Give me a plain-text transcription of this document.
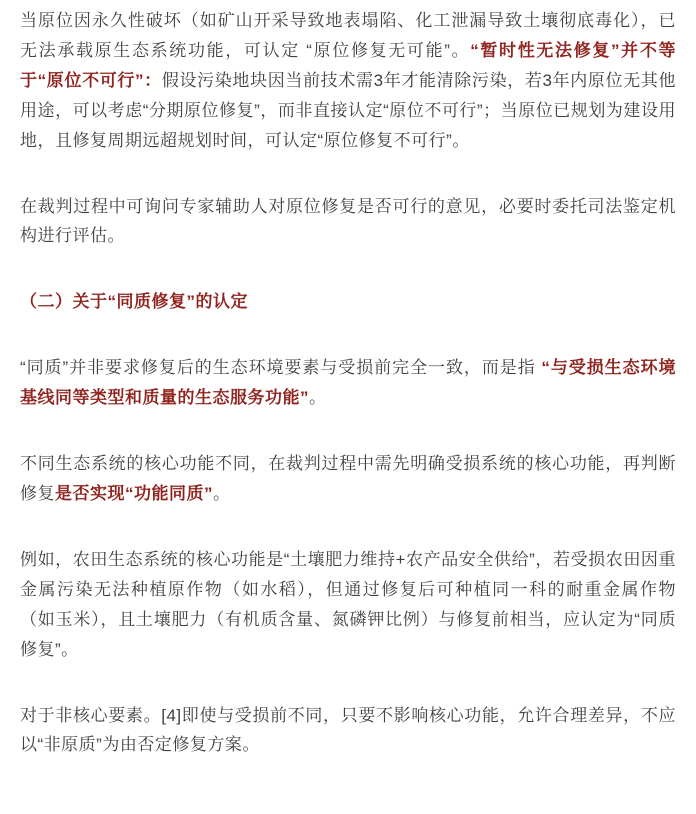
当原位因永久性破坏（如矿山开采导致地表塌陷、化工泄漏导致土壤彻底毒化），已无法承载原生态系统功能，可认定 “原位修复无可能”。“暂时性无法修复”并不等于“原位不可行”：假设污染地块因当前技术需3年才能清除污染，若3年内原位无其他用途，可以考虑“分期原位修复”，而非直接认定“原位不可行”；当原位已规划为建设用地，且修复周期远超规划时间，可认定“原位修复不可行”。

在裁判过程中可询问专家辅助人对原位修复是否可行的意见，必要时委托司法鉴定机构进行评估。

（二）关于“同质修复”的认定

“同质”并非要求修复后的生态环境要素与受损前完全一致，而是指 “与受损生态环境基线同等类型和质量的生态服务功能”。

不同生态系统的核心功能不同，在裁判过程中需先明确受损系统的核心功能，再判断修复是否实现“功能同质”。

例如，农田生态系统的核心功能是“土壤肥力维持+农产品安全供给”，若受损农田因重金属污染无法种植原作物（如水稻），但通过修复后可种植同一科的耐重金属作物（如玉米），且土壤肥力（有机质含量、氮磷钾比例）与修复前相当，应认定为“同质修复”。

对于非核心要素。[4]即使与受损前不同，只要不影响核心功能，允许合理差异，不应以“非原质”为由否定修复方案。
